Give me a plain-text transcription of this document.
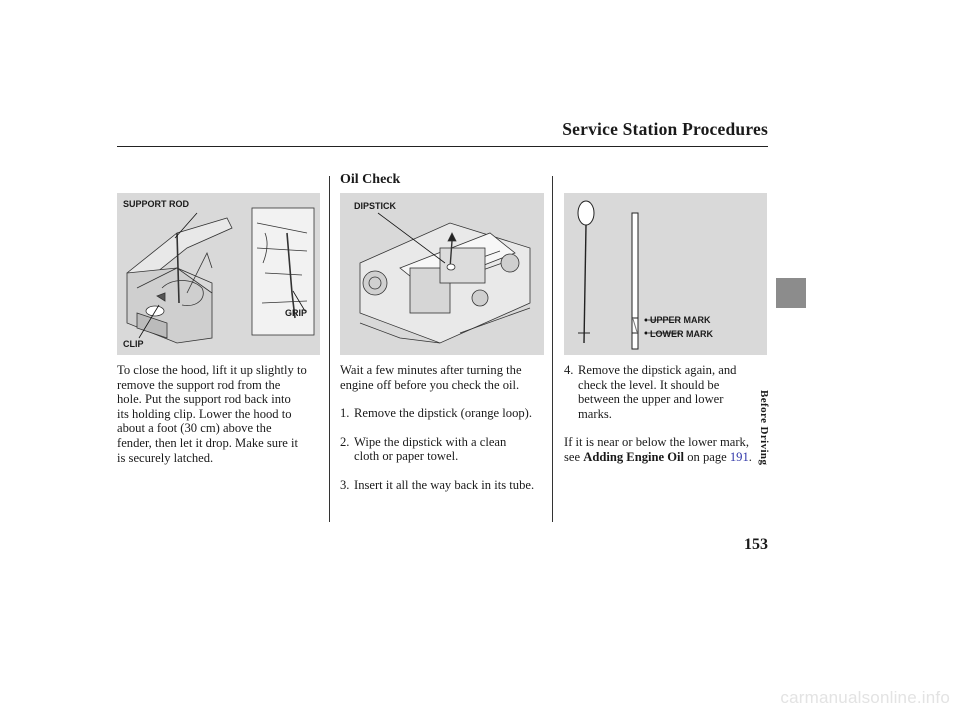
Service Station Procedures
Before Driving
Oil Check
SUPPORT ROD
GRIP
CLIP
DIPSTICK
UPPER MARK
LOWER MARK

To close the hood, lift it up slightly to

remove the support rod from the

hole. Put the support rod back into

its holding clip. Lower the hood to

about a foot (30 cm) above the

fender, then let it drop. Make sure it

is securely latched.

Wait a few minutes after turning the

engine off before you check the oil.

1. Remove the dipstick (orange loop).
2. Wipe the dipstick with a clean
cloth or paper towel.
3. Insert it all the way back in its tube.
4. Remove the dipstick again, and
check the level. It should be
between the upper and lower
marks.

If it is near or below the lower mark,

see Adding Engine Oil on page 191.

153
carmanualsonline.info
